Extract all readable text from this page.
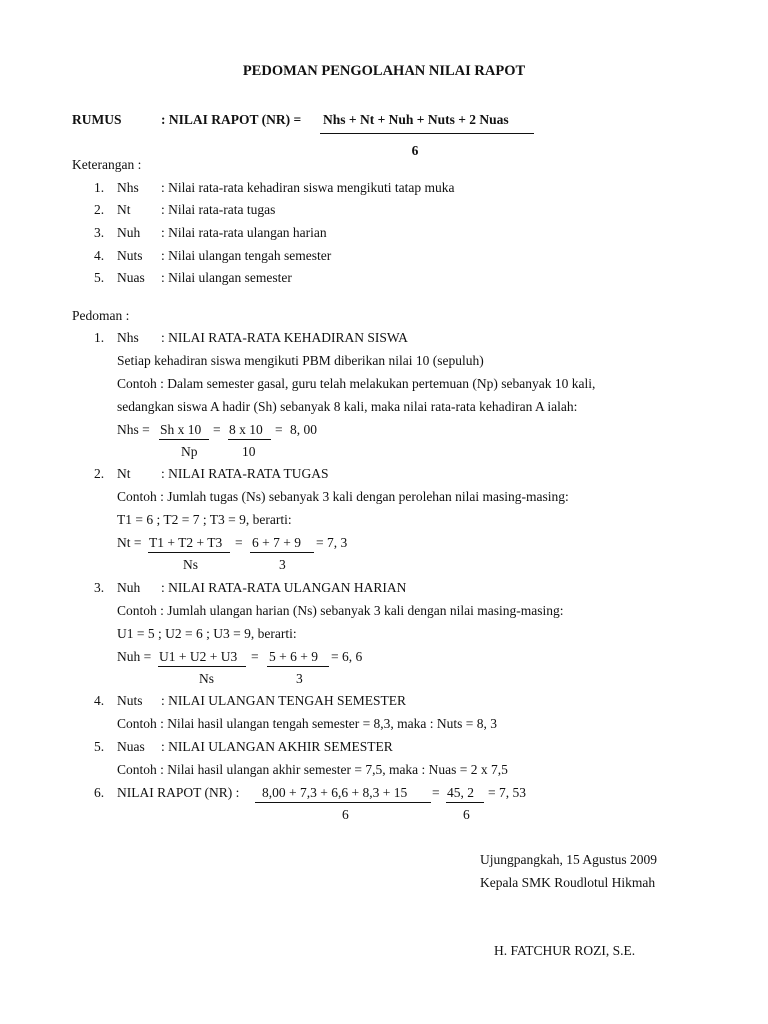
PEDOMAN PENGOLAHAN NILAI RAPOT
RUMUS	: NILAI RAPOT (NR) = Nhs + Nt + Nuh + Nuts + 2 Nuas
6
Keterangan :
1. Nhs : Nilai rata-rata kehadiran siswa mengikuti tatap muka
2. Nt : Nilai rata-rata tugas
3. Nuh : Nilai rata-rata ulangan harian
4. Nuts : Nilai ulangan tengah semester
5. Nuas : Nilai ulangan semester
Pedoman :
1. Nhs : NILAI RATA-RATA KEHADIRAN SISWA
Setiap kehadiran siswa mengikuti PBM diberikan nilai 10 (sepuluh)
Contoh : Dalam semester gasal, guru telah melakukan pertemuan (Np) sebanyak 10 kali,
sedangkan siswa A hadir (Sh) sebanyak 8 kali, maka nilai rata-rata kehadiran A ialah:
Nhs = Sh x 10 = 8 x 10 = 8, 00
Np	10
2. Nt : NILAI RATA-RATA TUGAS
Contoh : Jumlah tugas (Ns) sebanyak 3 kali dengan perolehan nilai masing-masing:
T1 = 6 ; T2 = 7 ; T3 = 9, berarti:
Nt = T1 + T2 + T3 = 6 + 7 + 9 = 7, 3
Ns	3
3. Nuh : NILAI RATA-RATA ULANGAN HARIAN
Contoh : Jumlah ulangan harian (Ns) sebanyak 3 kali dengan nilai masing-masing:
U1 = 5 ; U2 = 6 ; U3 = 9, berarti:
Nuh = U1 + U2 + U3 = 5 + 6 + 9 = 6, 6
Ns	3
4. Nuts : NILAI ULANGAN TENGAH SEMESTER
Contoh : Nilai hasil ulangan tengah semester = 8,3, maka : Nuts = 8, 3
5. Nuas : NILAI ULANGAN AKHIR SEMESTER
Contoh : Nilai hasil ulangan akhir semester = 7,5, maka : Nuas = 2 x 7,5
6. NILAI RAPOT (NR) : 8,00 + 7,3 + 6,6 + 8,3 + 15 = 45, 2 = 7, 53
6	6
Ujungpangkah, 15 Agustus 2009
Kepala SMK Roudlotul Hikmah
H. FATCHUR ROZI, S.E.
